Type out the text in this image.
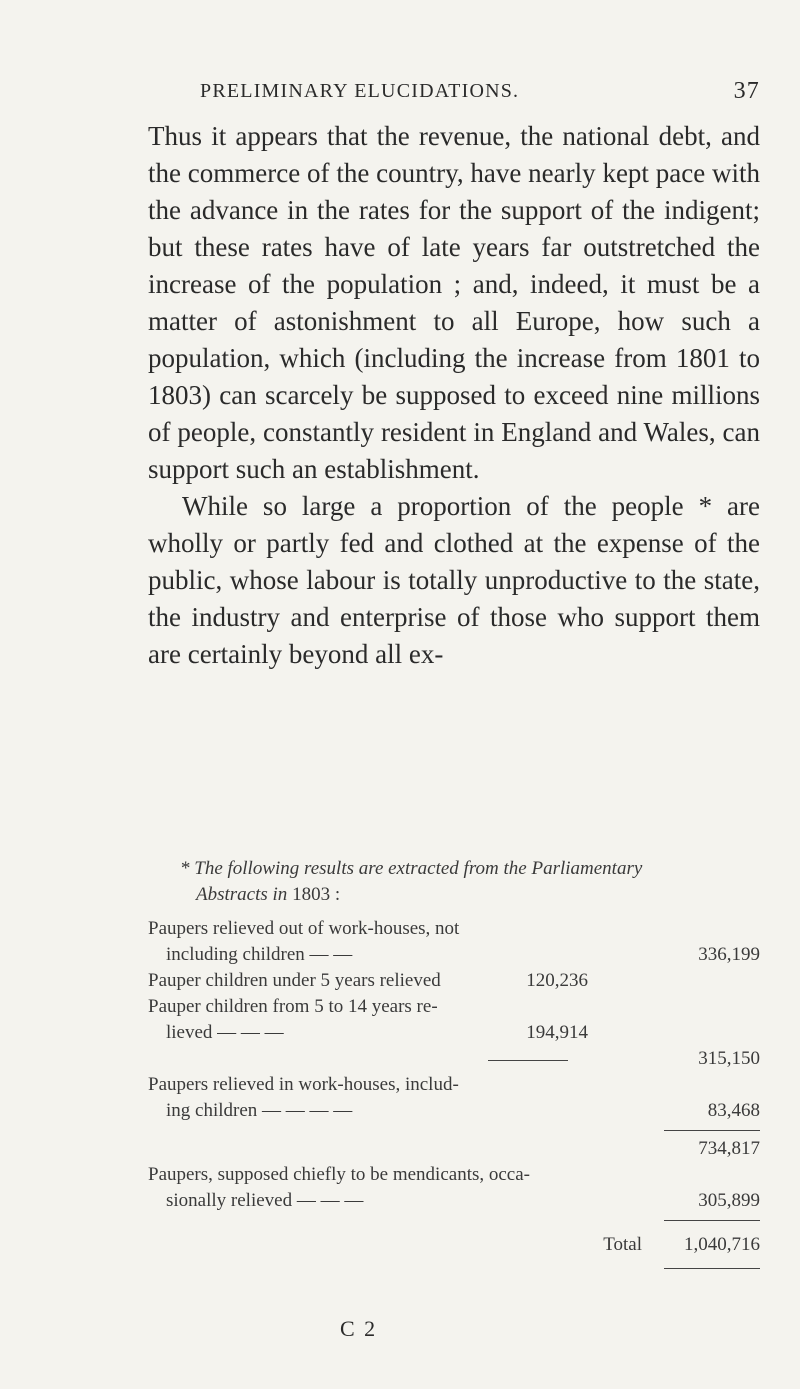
PRELIMINARY ELUCIDATIONS.	37

Thus it appears that the revenue, the national debt, and the commerce of the country, have nearly kept pace with the advance in the rates for the support of the indigent; but these rates have of late years far outstretched the increase of the population ; and, indeed, it must be a matter of astonishment to all Europe, how such a population, which (including the increase from 1801 to 1803) can scarcely be supposed to exceed nine millions of people, constantly resident in England and Wales, can support such an establishment.

While so large a proportion of the people * are wholly or partly fed and clothed at the expense of the public, whose labour is totally unproductive to the state, the industry and enterprise of those who support them are certainly beyond all ex-

* The following results are extracted from the Parliamentary
Abstracts in 1803 :
Paupers relieved out of work-houses, not
including children — —	336,199
Pauper children under 5 years relieved	120,236
Pauper children from 5 to 14 years re-
lieved — — —	194,914
315,150
Paupers relieved in work-houses, includ-
ing children — — — —	83,468
734,817
Paupers, supposed chiefly to be mendicants, occa-
sionally relieved — — —	305,899
Total 1,040,716
C 2
